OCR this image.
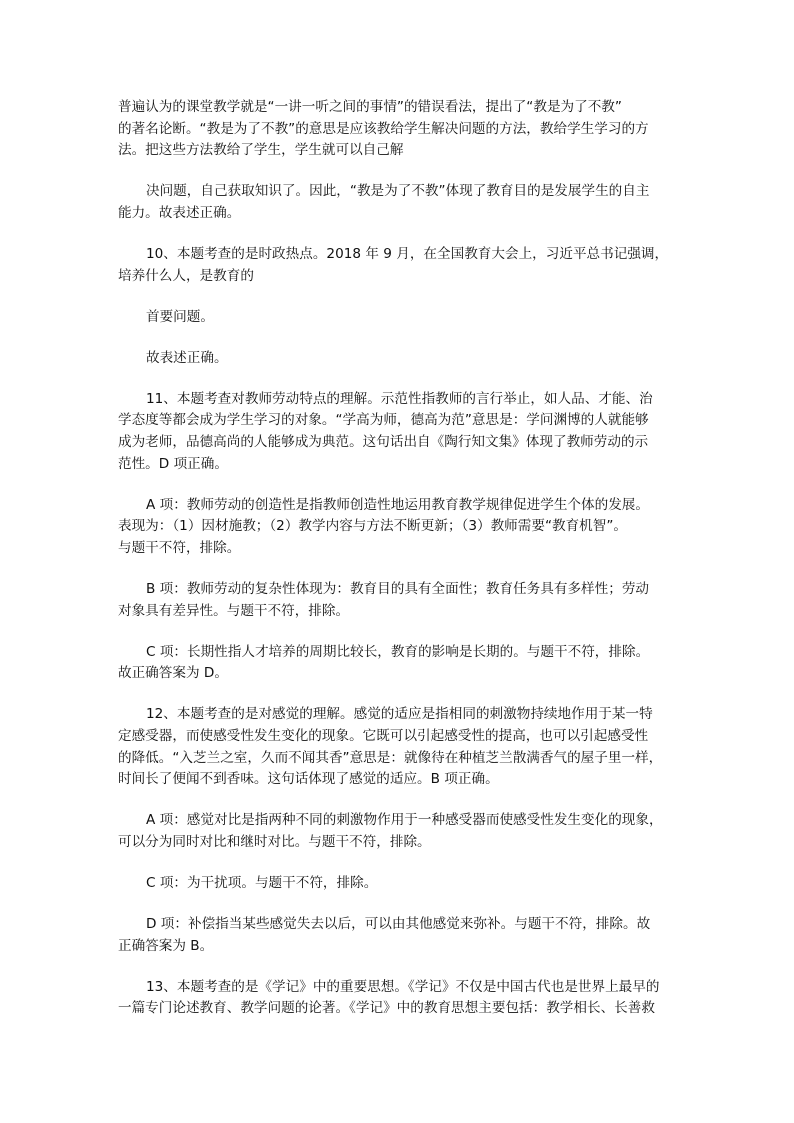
普遍认为的课堂教学就是“一讲一听之间的事情”的错误看法，提出了“教是为了不教”
的著名论断。“教是为了不教”的意思是应该教给学生解决问题的方法，教给学生学习的方
法。把这些方法教给了学生，学生就可以自己解
决问题，自己获取知识了。因此，“教是为了不教”体现了教育目的是发展学生的自主
能力。故表述正确。
10、本题考查的是时政热点。2018 年 9 月，在全国教育大会上，习近平总书记强调，
培养什么人，是教育的
首要问题。
故表述正确。
11、本题考查对教师劳动特点的理解。示范性指教师的言行举止，如人品、才能、治
学态度等都会成为学生学习的对象。“学高为师，德高为范”意思是：学问渊博的人就能够
成为老师，品德高尚的人能够成为典范。这句话出自《陶行知文集》体现了教师劳动的示
范性。D 项正确。
A 项：教师劳动的创造性是指教师创造性地运用教育教学规律促进学生个体的发展。
表现为：（1）因材施教；（2）教学内容与方法不断更新；（3）教师需要“教育机智”。
与题干不符，排除。
B 项：教师劳动的复杂性体现为：教育目的具有全面性；教育任务具有多样性；劳动
对象具有差异性。与题干不符，排除。
C 项：长期性指人才培养的周期比较长，教育的影响是长期的。与题干不符，排除。
故正确答案为 D。
12、本题考查的是对感觉的理解。感觉的适应是指相同的刺激物持续地作用于某一特
定感受器，而使感受性发生变化的现象。它既可以引起感受性的提高，也可以引起感受性
的降低。“入芝兰之室，久而不闻其香”意思是：就像待在种植芝兰散满香气的屋子里一样，
时间长了便闻不到香味。这句话体现了感觉的适应。B 项正确。
A 项：感觉对比是指两种不同的刺激物作用于一种感受器而使感受性发生变化的现象，
可以分为同时对比和继时对比。与题干不符，排除。
C 项：为干扰项。与题干不符，排除。
D 项：补偿指当某些感觉失去以后，可以由其他感觉来弥补。与题干不符，排除。故
正确答案为 B。
13、本题考查的是《学记》中的重要思想。《学记》不仅是中国古代也是世界上最早的
一篇专门论述教育、教学问题的论著。《学记》中的教育思想主要包括：教学相长、长善救
